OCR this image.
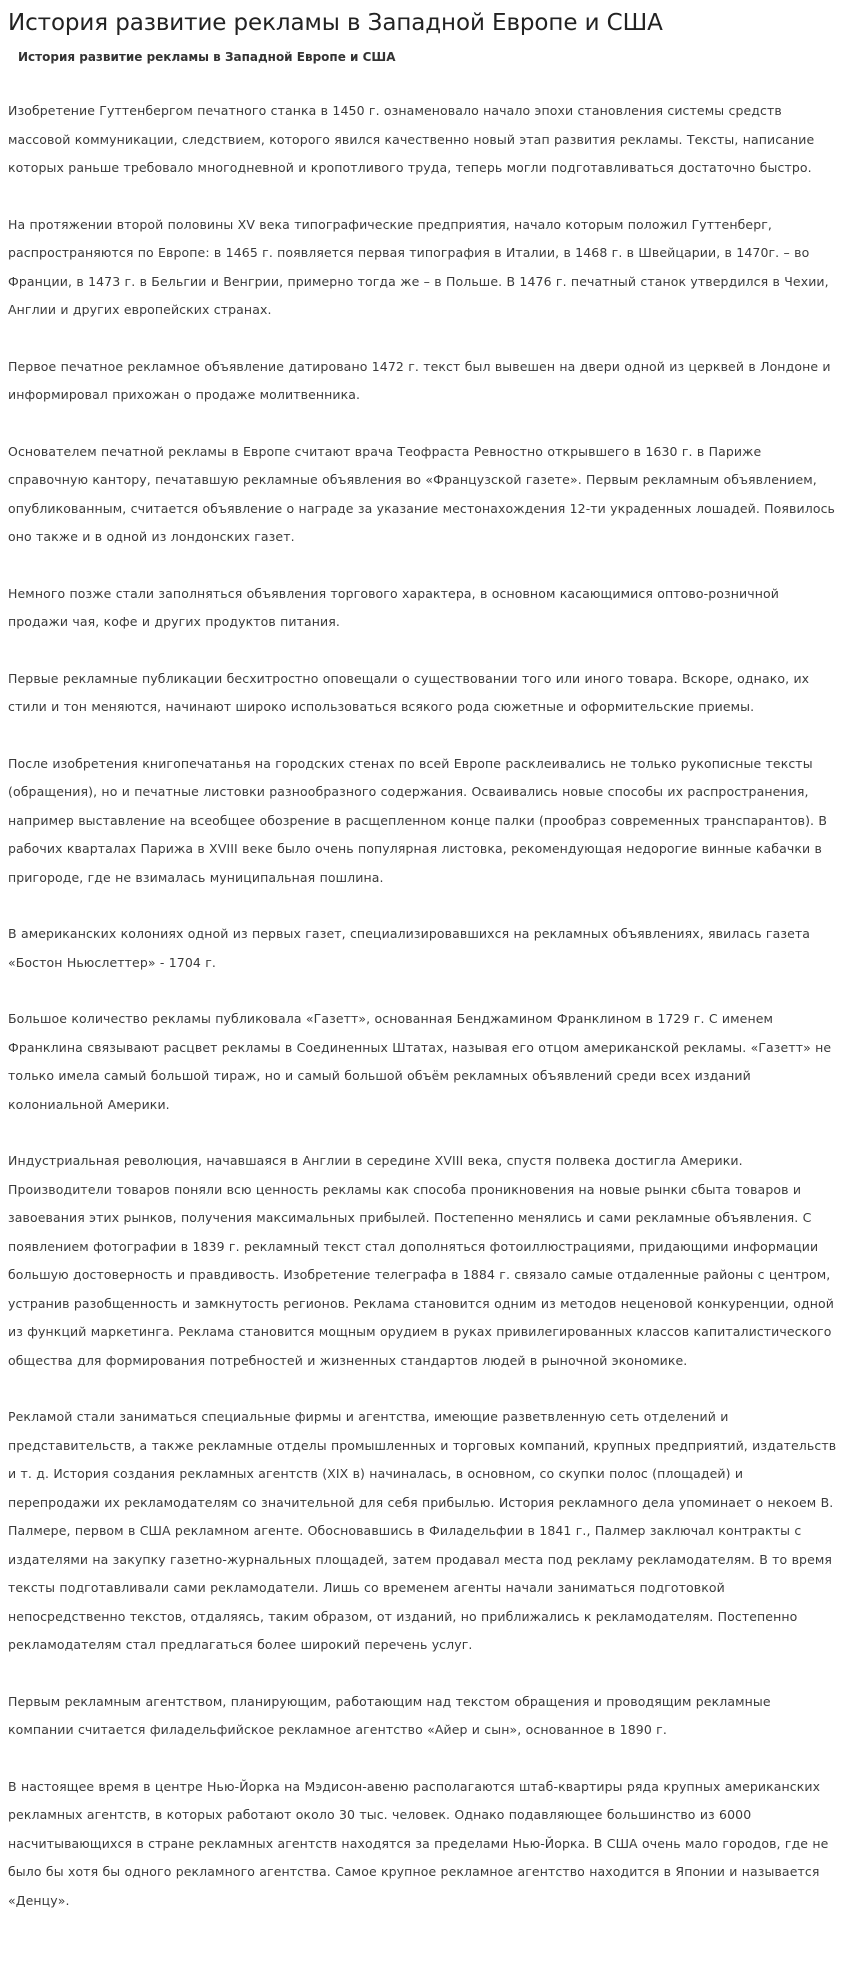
История развитие рекламы в Западной Европе и США
История развитие рекламы в Западной Европе и США

Изобретение Гуттенбергом печатного станка в 1450 г. ознаменовало начало эпохи становления системы средств массовой коммуникации, следствием, которого явился качественно новый этап развития рекламы. Тексты, написание которых раньше требовало многодневной и кропотливого труда, теперь могли подготавливаться достаточно быстро.

На протяжении второй половины XV века типографические предприятия, начало которым положил Гуттенберг, распространяются по Европе: в 1465 г. появляется первая типография в Италии, в 1468 г. в Швейцарии, в 1470г. – во Франции, в 1473 г. в Бельгии и Венгрии, примерно тогда же – в Польше. В 1476 г. печатный станок утвердился в Чехии, Англии и других европейских странах.

Первое печатное рекламное объявление датировано 1472 г. текст был вывешен на двери одной из церквей в Лондоне и информировал прихожан о продаже молитвенника.

Основателем печатной рекламы в Европе считают врача Теофраста Ревностно открывшего в 1630 г. в Париже справочную кантору, печатавшую рекламные объявления во «Французской газете». Первым рекламным объявлением, опубликованным, считается объявление о награде за указание местонахождения 12-ти украденных лошадей. Появилось оно также и в одной из лондонских газет.

Немного позже стали заполняться объявления торгового характера, в основном касающимися оптово-розничной продажи чая, кофе и других продуктов питания.

Первые рекламные публикации бесхитростно оповещали о существовании того или иного товара. Вскоре, однако, их стили и тон меняются, начинают широко использоваться всякого рода сюжетные и оформительские приемы.

После изобретения книгопечатанья на городских стенах по всей Европе расклеивались не только рукописные тексты (обращения), но и печатные листовки разнообразного содержания. Осваивались новые способы их распространения, например выставление на всеобщее обозрение в расщепленном конце палки (прообраз современных транспарантов). В рабочих кварталах Парижа в XVIII веке было очень популярная листовка, рекомендующая недорогие винные кабачки в пригороде, где не взималась муниципальная пошлина.

В американских колониях одной из первых газет, специализировавшихся на рекламных объявлениях, явилась газета «Бостон Ньюслеттер» - 1704 г.

Большое количество рекламы публиковала «Газетт», основанная Бенджамином Франклином в 1729 г. С именем Франклина связывают расцвет рекламы в Соединенных Штатах, называя его отцом американской рекламы. «Газетт» не только имела самый большой тираж, но и самый большой объём рекламных объявлений среди всех изданий колониальной Америки.

Индустриальная революция, начавшаяся в Англии в середине XVIII века, спустя полвека достигла Америки. Производители товаров поняли всю ценность рекламы как способа проникновения на новые рынки сбыта товаров и завоевания этих рынков, получения максимальных прибылей. Постепенно менялись и сами рекламные объявления. С появлением фотографии в 1839 г. рекламный текст стал дополняться фотоиллюстрациями, придающими информации большую достоверность и правдивость. Изобретение телеграфа в 1884 г. связало самые отдаленные районы с центром, устранив разобщенность и замкнутость регионов. Реклама становится одним из методов неценовой конкуренции, одной из функций маркетинга. Реклама становится мощным орудием в руках привилегированных классов капиталистического общества для формирования потребностей и жизненных стандартов людей в рыночной экономике.

Рекламой стали заниматься специальные фирмы и агентства, имеющие разветвленную сеть отделений и представительств, а также рекламные отделы промышленных и торговых компаний, крупных предприятий, издательств и т. д. История создания рекламных агентств (XIX в) начиналась, в основном, со скупки полос (площадей) и перепродажи их рекламодателям со значительной для себя прибылью. История рекламного дела упоминает о некоем В. Палмере, первом в США рекламном агенте. Обосновавшись в Филадельфии в 1841 г., Палмер заключал контракты с издателями на закупку газетно-журнальных площадей, затем продавал места под рекламу рекламодателям. В то время тексты подготавливали сами рекламодатели. Лишь со временем агенты начали заниматься подготовкой непосредственно текстов, отдаляясь, таким образом, от изданий, но приближались к рекламодателям. Постепенно рекламодателям стал предлагаться более широкий перечень услуг.

Первым рекламным агентством, планирующим, работающим над текстом обращения и проводящим рекламные компании считается филадельфийское рекламное агентство «Айер и сын», основанное в 1890 г.

В настоящее время в центре Нью-Йорка на Мэдисон-авеню располагаются штаб-квартиры ряда крупных американских рекламных агентств, в которых работают около 30 тыс. человек. Однако подавляющее большинство из 6000 насчитывающихся в стране рекламных агентств находятся за пределами Нью-Йорка. В США очень мало городов, где не было бы хотя бы одного рекламного агентства. Самое крупное рекламное агентство находится в Японии и называется «Денцу».
